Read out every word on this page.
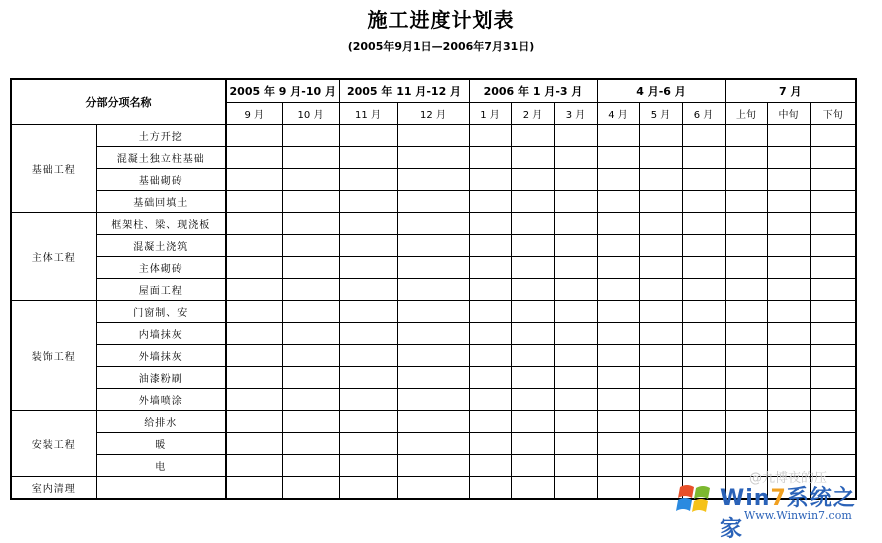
施工进度计划表
(2005年9月1日—2006年7月31日)
分部分项名称		2005 年 9 月-10 月		2005 年 11 月-12 月		2006 年 1 月-3 月			4 月-6 月			7 月		
		9 月	10 月	11 月	12 月	1 月	2 月	3 月	4 月	5 月	6 月	上旬	中旬	下旬
基础工程	土方开挖													
	混凝土独立柱基础													
	基础砌砖													
	基础回填土													
主体工程	框架柱、梁、现浇板													
	混凝土浇筑													
	主体砌砖													
	屋面工程													
装饰工程	门窗制、安													
	内墙抹灰													
	外墙抹灰													
	油漆粉刷													
	外墙喷涂													
安装工程	给排水													
	暖													
	电													
室内清理														
@九博夜的压
Win7系统之家
Www.Winwin7.com
